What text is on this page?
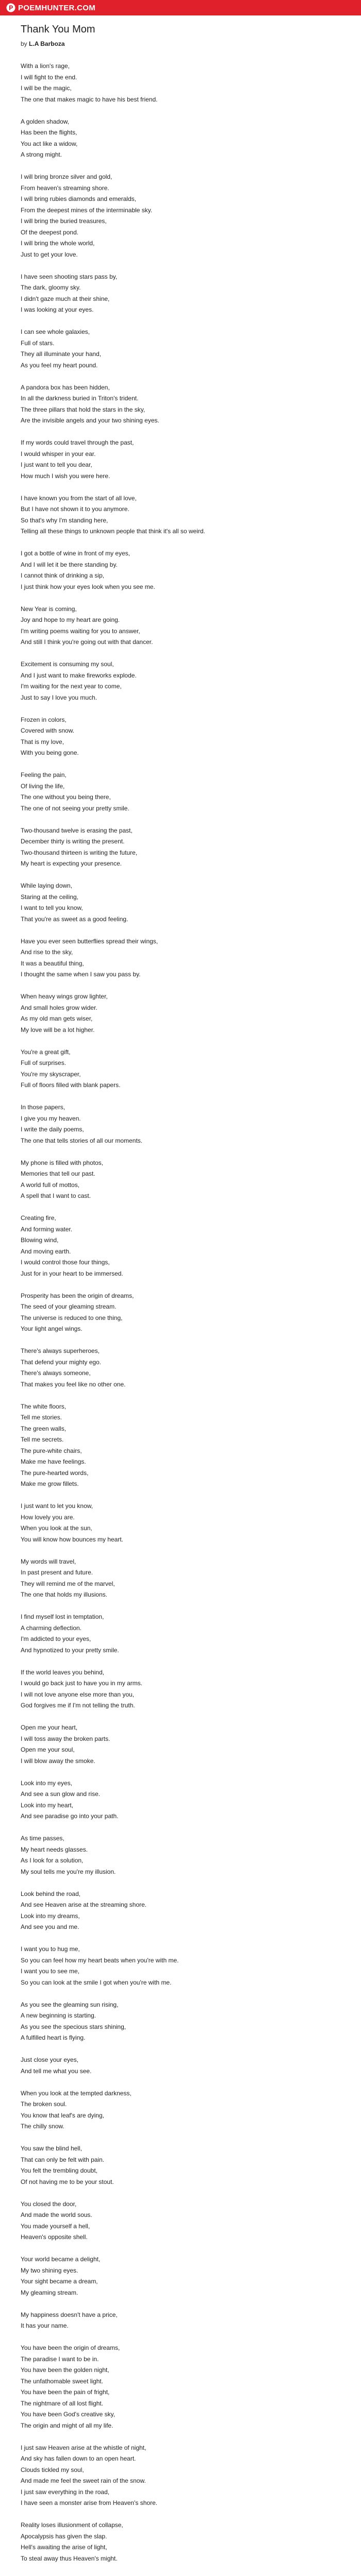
POEMHUNTER.COM
Thank You Mom
by L.A Barboza
With a lion's rage,
I will fight to the end.
I will be the magic,
The one that makes magic to have his best friend.
A golden shadow,
Has been the flights,
You act like a widow,
A strong might.
I will bring bronze silver and gold,
From heaven's streaming shore.
I will bring rubies diamonds and emeralds,
From the deepest mines of the interminable sky.
I will bring the buried treasures,
Of the deepest pond.
I will bring the whole world,
Just to get your love.
I have seen shooting stars pass by,
The dark, gloomy sky.
I didn't gaze much at their shine,
I was looking at your eyes.
I can see whole galaxies,
Full of stars.
They all illuminate your hand,
As you feel my heart pound.
A pandora box has been hidden,
In all the darkness buried in Triton's trident.
The three pillars that hold the stars in the sky,
Are the invisible angels and your two shining eyes.
If my words could travel through the past,
I would whisper in your ear.
I just want to tell you dear,
How much I wish you were here.
I have known you from the start of all love,
But I have not shown it to you anymore.
So that's why I'm standing here,
Telling all these things to unknown people that think it's all so weird.
I got a bottle of wine in front of my eyes,
And I will let it be there standing by.
I cannot think of drinking a sip,
I just think how your eyes look when you see me.
New Year is coming,
Joy and hope to my heart are going.
I'm writing poems waiting for you to answer,
And still I think you're going out with that dancer.
Excitement is consuming my soul,
And I just want to make fireworks explode.
I'm waiting for the next year to come,
Just to say I love you much.
Frozen in colors,
Covered with snow.
That is my love,
With you being gone.
Feeling the pain,
Of living the life,
The one without you being there,
The one of not seeing your pretty smile.
Two-thousand twelve is erasing the past,
December thirty is writing the present.
Two-thousand thirteen is writing the future,
My heart is expecting your presence.
While laying down,
Staring at the ceiling,
I want to tell you know,
That you're as sweet as a good feeling.
Have you ever seen butterflies spread their wings,
And rise to the sky,
It was a beautiful thing,
I thought the same when I saw you pass by.
When heavy wings grow lighter,
And small holes grow wider.
As my old man gets wiser,
My love will be a lot higher.
You're a great gift,
Full of surprises.
You're my skyscraper,
Full of floors filled with blank papers.
In those papers,
I give you my heaven.
I write the daily poems,
The one that tells stories of all our moments.
My phone is filled with photos,
Memories that tell our past.
A world full of mottos,
A spell that I want to cast.
Creating fire,
And forming water.
Blowing wind,
And moving earth.
I would control those four things,
Just for in your heart to be immersed.
Prosperity has been the origin of dreams,
The seed of your gleaming stream.
The universe is reduced to one thing,
Your light angel wings.
There's always superheroes,
That defend your mighty ego.
There's always someone,
That makes you feel like no other one.
The white floors,
Tell me stories.
The green walls,
Tell me secrets.
The pure-white chairs,
Make me have feelings.
The pure-hearted words,
Make me grow fillets.
I just want to let you know,
How lovely you are.
When you look at the sun,
You will know how bounces my heart.
My words will travel,
In past present and future.
They will remind me of the marvel,
The one that holds my illusions.
I find myself lost in temptation,
A charming deflection.
I'm addicted to your eyes,
And hypnotized to your pretty smile.
If the world leaves you behind,
I would go back just to have you in my arms.
I will not love anyone else more than you,
God forgives me if I'm not telling the truth.
Open me your heart,
I will toss away the broken parts.
Open me your soul,
I will blow away the smoke.
Look into my eyes,
And see a sun glow and rise.
Look into my heart,
And see paradise go into your path.
As time passes,
My heart needs glasses.
As I look for a solution,
My soul tells me you're my illusion.
Look behind the road,
And see Heaven arise at the streaming shore.
Look into my dreams,
And see you and me.
I want you to hug me,
So you can feel how my heart beats when you're with me.
I want you to see me,
So you can look at the smile I got when you're with me.
As you see the gleaming sun rising,
A new beginning is starting.
As you see the specious stars shining,
A fulfilled heart is flying.
Just close your eyes,
And tell me what you see.
When you look at the tempted darkness,
The broken soul.
You know that leaf's are dying,
The chilly snow.
You saw the blind hell,
That can only be felt with pain.
You felt the trembling doubt,
Of not having me to be your stout.
You closed the door,
And made the world sous.
You made yourself a hell,
Heaven's opposite shell.
Your world became a delight,
My two shining eyes.
Your sight became a dream,
My gleaming stream.
My happiness doesn't have a price,
It has your name.
You have been the origin of dreams,
The paradise I want to be in.
You have been the golden night,
The unfathomable sweet light.
You have been the pain of fright,
The nightmare of all lost flight.
You have been God's creative sky,
The origin and might of all my life.
I just saw Heaven arise at the whistle of night,
And sky has fallen down to an open heart.
Clouds tickled my soul,
And made me feel the sweet rain of the snow.
I just saw everything in the road,
I have seen a monster arise from Heaven's shore.
Reality loses illusionment of collapse,
Apocalypsis has given the slap.
Hell's awaiting the arise of light,
To steal away thus Heaven's might.
